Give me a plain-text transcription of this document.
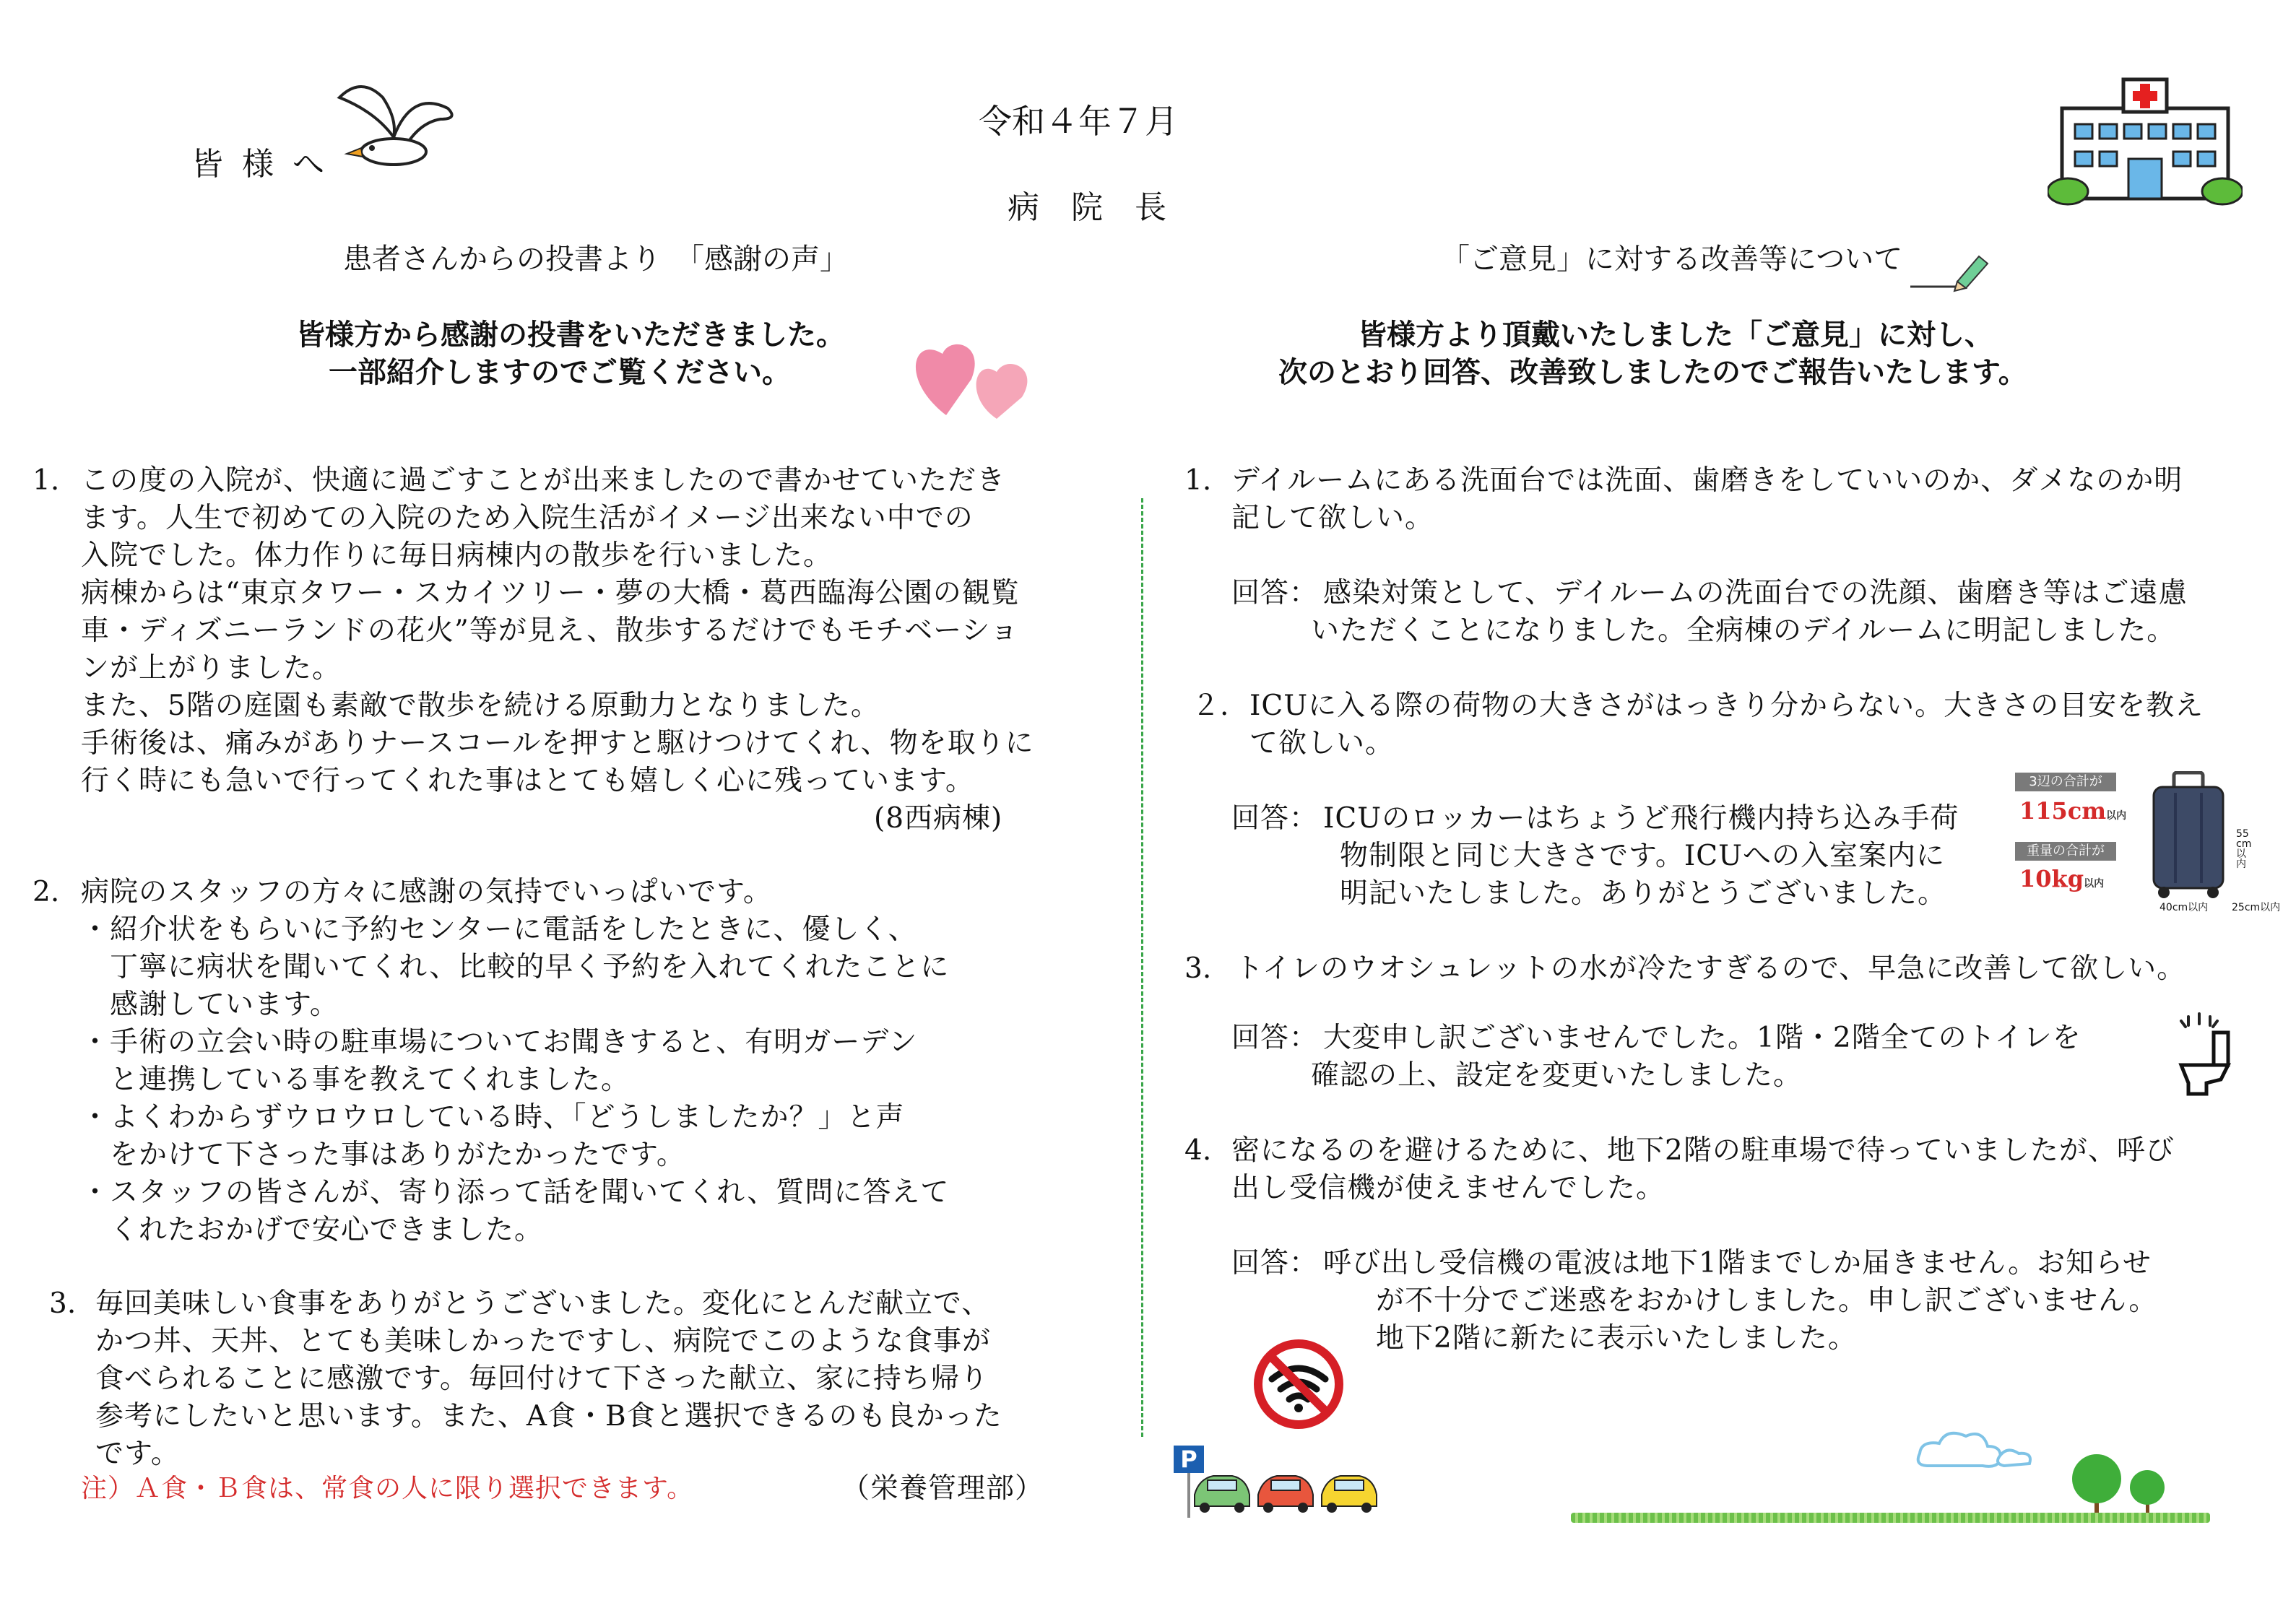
皆 様 へ
令和４年７月
病　院　長
患者さんからの投書より　「感謝の声」
皆様方から感謝の投書をいただきました。
一部紹介しますのでご覧ください。
1. この度の入院が、快適に過ごすことが出来ましたので書かせていただき
ます。人生で初めての入院のため入院生活がイメージ出来ない中での
入院でした。体力作りに毎日病棟内の散歩を行いました。
病棟からは“東京タワー・スカイツリー・夢の大橋・葛西臨海公園の観覧
車・ディズニーランドの花火”等が見え、散歩するだけでもモチベーショ
ンが上がりました。
また、5階の庭園も素敵で散歩を続ける原動力となりました。
手術後は、痛みがありナースコールを押すと駆けつけてくれ、物を取りに
行く時にも急いで行ってくれた事はとても嬉しく心に残っています。
(8西病棟)
2. 病院のスタッフの方々に感謝の気持でいっぱいです。
・紹介状をもらいに予約センターに電話をしたときに、優しく、
　丁寧に病状を聞いてくれ、比較的早く予約を入れてくれたことに
　感謝しています。
・手術の立会い時の駐車場についてお聞きすると、有明ガーデン
　と連携している事を教えてくれました。
・よくわからずウロウロしている時、「どうしましたか？」と声
　をかけて下さった事はありがたかったです。
・スタッフの皆さんが、寄り添って話を聞いてくれ、質問に答えて
　くれたおかげで安心できました。
3. 毎回美味しい食事をありがとうございました。変化にとんだ献立で、
かつ丼、天丼、とても美味しかったですし、病院でこのような食事が
食べられることに感激です。毎回付けて下さった献立、家に持ち帰り
参考にしたいと思います。また、A食・B食と選択できるのも良かった
です。
注）Ａ食・Ｂ食は、常食の人に限り選択できます。	（栄養管理部）
「ご意見」に対する改善等について
皆様方より頂戴いたしました「ご意見」に対し、
次のとおり回答、改善致しましたのでご報告いたします。
1. デイルームにある洗面台では洗面、歯磨きをしていいのか、ダメなのか明
記して欲しい。
回答： 感染対策として、デイルームの洗面台での洗顔、歯磨き等はご遠慮
いただくことになりました。全病棟のデイルームに明記しました。
２. ICUに入る際の荷物の大きさがはっきり分からない。大きさの目安を教え
て欲しい。
回答： ICUのロッカーはちょうど飛行機内持ち込み手荷
物制限と同じ大きさです。ICUへの入室案内に
明記いたしました。ありがとうございました。
3辺の合計が
115cm以内
重量の合計が
10kg以内
55cm以内
40cm以内 25cm以内
3. トイレのウオシュレットの水が冷たすぎるので、早急に改善して欲しい。
回答： 大変申し訳ございませんでした。1階・2階全てのトイレを
確認の上、設定を変更いたしました。
4. 密になるのを避けるために、地下2階の駐車場で待っていましたが、呼び
出し受信機が使えませんでした。
回答： 呼び出し受信機の電波は地下1階までしか届きません。お知らせ
が不十分でご迷惑をおかけしました。申し訳ございません。
地下2階に新たに表示いたしました。
P
